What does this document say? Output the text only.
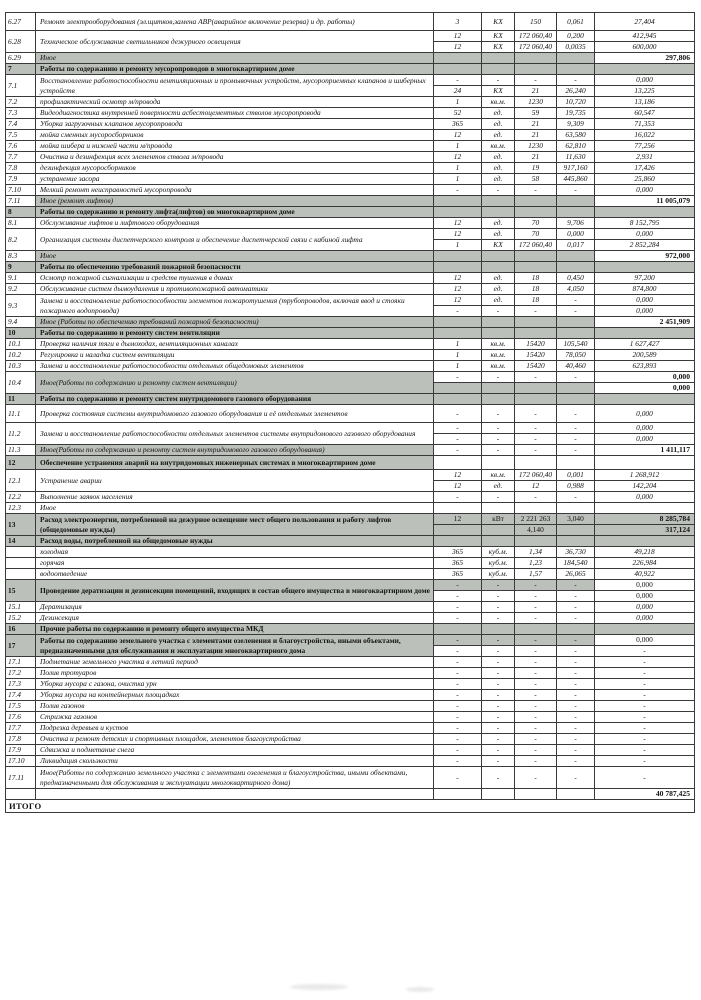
6.27	Ремонт электрооборудования (эл.щитков,замена АВР(аварийное включение резерва) и др. работы)	3	КХ	150	0,061	27,404
6.28	Техническое обслуживание светильников дежурного освещения	12	КХ	172 060,40	0,200	412,945
		12	КХ	172 060,40	0,0035	600,000
6.29	Иное					297,806
7	Работы по содержанию и ремонту мусоропроводов в многоквартирном доме					
7.1	Восстановление работоспособности вентиляционных и промывочных устройств, мусороприемных клапанов и шиберных устройств	-	-	-	-	0,000
		24	КХ	21	26,240	13,225
7.2	профилактический осмотр м/провода	1	кв.м.	1230	10,720	13,186
7.3	Видеодиагностика внутренней поверхности асбестоцементных стволов мусоропровода	52	ед.	59	19,735	60,547
7.4	Уборка загрузочных клапанов мусоропровода	365	ед.	21	9,309	71,353
7.5	мойка сменных мусоросборников	12	ед.	21	63,580	16,022
7.6	мойка шибера и нижней части м/провода	1	кв.м.	1230	62,810	77,256
7.7	Очистка и дезинфекция всех элементов ствола м/провода	12	ед.	21	11,630	2,931
7.8	дезинфекция мусоросборников	1	ед.	19	917,160	17,426
7.9	устранение засора	1	ед.	58	445,860	25,860
7.10	Мелкий ремонт неисправностей мусоропровода	-	-	-	-	0,000
7.11	Иное (ремонт лифтов)					11 005,079
8	Работы по содержанию и ремонту лифта(лифтов) ов многоквартирном доме					
8.1	Обслуживание лифтов и лифтового оборудования	12	ед.	70	9,706	8 152,795
8.2	Организация системы диспетчерского контроля и обеспечение диспетчерской связи с кабиной лифта	12	ед.	70	0,000	0,000
		1	КХ	172 060,40	0,017	2 852,284
8.3	Иное					972,000
9	Работы по обеспечению требований пожарной безопасности					
9.1	Осмотр пожарной сигнализации и средств тушения в домах	12	ед.	18	0,450	97,200
9.2	Обслуживание систем дымоудаления и противопожарной автоматики	12	ед.	18	4,050	874,800
9.3	Замена и восстановление работоспособности элементов пожаротушения (трубопроводов, включая ввод и стояки пожарного водопровода)	12	ед.	18	-	0,000
		-	-	-	-	0,000
9.4	Иное (Работы по обеспечению требований пожарной безопасности)					2 451,909
10	Работы по содержанию и ремонту систем вентиляции					
10.1	Проверка наличия тяги в дымоходах, вентиляционных каналах	1	кв.м.	15420	105,540	1 627,427
10.2	Регулировка и наладка систем вентиляции	1	кв.м.	15420	78,050	200,589
10.3	Замена и восстановление работоспособности отдельных общедомовых элементов	1	кв.м.	15420	40,460	623,893
10.4	Иное(Работы по содержанию и ремонту систем вентиляции)	-	-	-	-	0,000
						0,000
11	Работы по содержанию и ремонту систем внутридомового газового оборудования					
11.1	Проверка состояния системы внутридомового газового оборудования и её отдельных элементов	-	-	-	-	0,000
11.2	Замена и восстановление работоспособности отдельных элементов системы внутридомового газового оборудования	-	-	-	-	0,000
		-	-	-	-	0,000
11.3	Иное(Работы по содержанию и ремонту систем внутридомового газового оборудования)	-	-	-	-	1 411,117
12	Обеспечение устранения аварий на внутридомовых инженерных системах в многоквартирном доме					
12.1	Устранение аварии	12	кв.м.	172 060,40	0,001	1 268,912
		12	ед.	12	0,988	142,204
12.2	Выполнение заявок населения	-	-	-	-	0,000
12.3	Иное					
13	Расход электроэнергии, потребленной на дежурное освещение мест общего пользования и работу лифтов (общедомовые нужды)	12	кВт	2 221 263	3,040	8 285,784
				4,140		317,124
14	Расход воды, потребленной на общедомовые нужды					
	холодная	365	куб.м.	1,34	36,730	49,218
	горячая	365	куб.м.	1,23	184,540	226,984
	водоотведение	365	куб.м.	1,57	26,065	40,922
15	Проведение дератизации и дезинсекции помещений, входящих в состав общего имущества в многоквартирном доме	-	-	-	-	0,000
		-	-	-	-	0,000
15.1	Дератизация	-	-	-	-	0,000
15.2	Дезинсекция	-	-	-	-	0,000
16	Прочие работы по содержанию и ремонту общего имущества МКД					
17	Работы по содержанию земельного участка с элементами озеленения и благоустройства, иными объектами, предназначенными для обслуживания и эксплуатации многоквартирного дома	-	-	-	-	0,000
		-	-	-	-	-
17.1	Подметание земельного участка в летний период	-	-	-	-	-
17.2	Полив тротуаров	-	-	-	-	-
17.3	Уборка мусора с газона, очистка урн	-	-	-	-	-
17.4	Уборка мусора на контейнерных площадках	-	-	-	-	-
17.5	Полив газонов	-	-	-	-	-
17.6	Стрижка газонов	-	-	-	-	-
17.7	Подрезка деревьев и кустов	-	-	-	-	-
17.8	Очистка и ремонт детских и спортивных площадок, элементов благоустройства	-	-	-	-	-
17.9	Сдвижка и подметание снега	-	-	-	-	-
17.10	Ликвидация скользкости	-	-	-	-	-
17.11	Иное(Работы по содержанию земельного участка с элементами озеленения и благоустройства, иными объектами, предназначенными для обслуживания и эксплуатации многоквартирного дома)	-	-	-	-	-
						40 787,425
ИТОГО						
